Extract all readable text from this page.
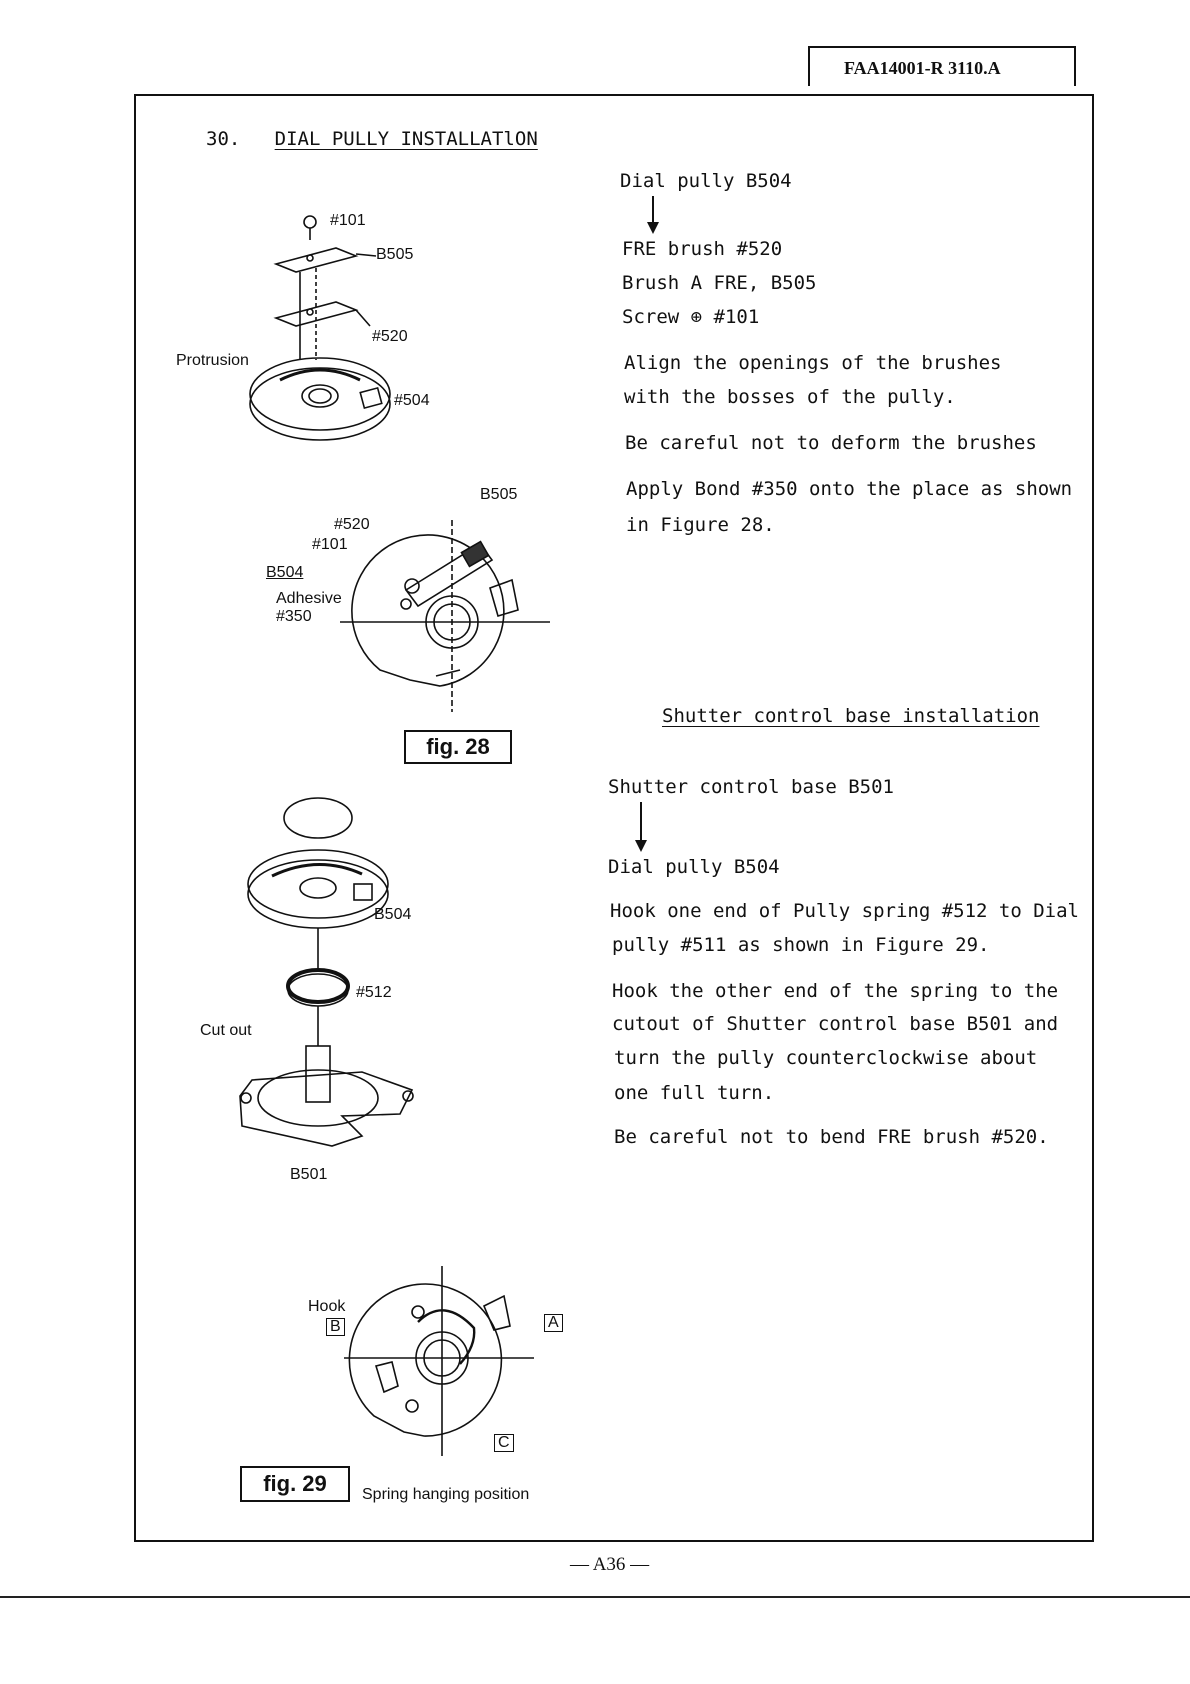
FAA14001-R 3110.A
30. DIAL PULLY INSTALLATlON
Dial pully B504
FRE brush #520
Brush A FRE, B505
Screw ⊕ #101
Align the openings of the brushes
with the bosses of the pully.
Be careful not to deform the brushes
Apply Bond #350 onto the place as shown
in Figure 28.
Shutter control base installation
Shutter control base B501
Dial pully B504
Hook one end of Pully spring #512 to Dial
pully #511 as shown in Figure 29.
Hook the other end of the spring to the
cutout of Shutter control base B501 and
turn the pully counterclockwise about
one full turn.
Be careful not to bend FRE brush #520.
#101
B505
#520
Protrusion
#504
B505
#520
#101
B504
Adhesive
#350
fig. 28
B504
#512
Cut out
B501
Hook
B	A
C
fig. 29	Spring hanging position
— A36 —
